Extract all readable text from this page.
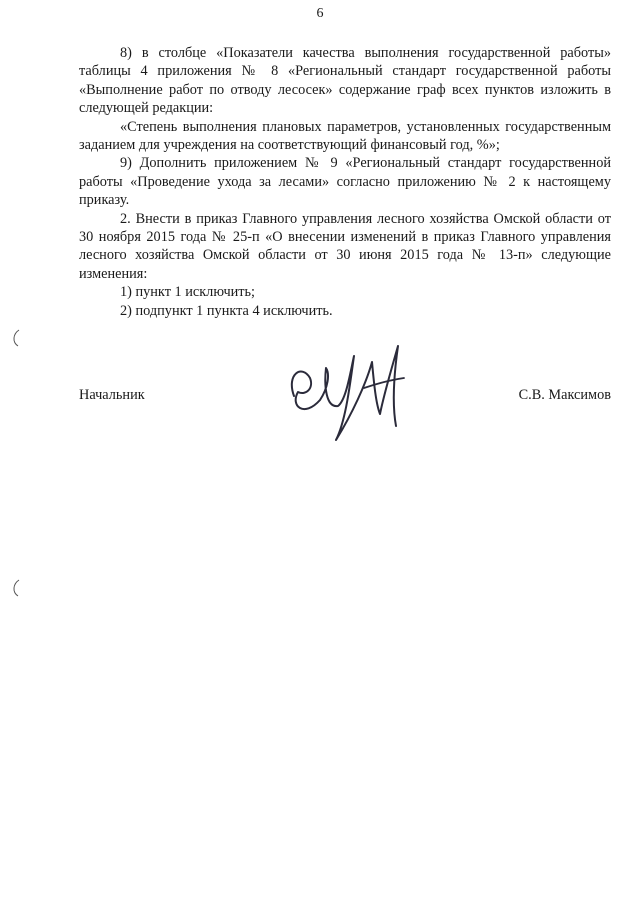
6

8) в столбце «Показатели качества выполнения государственной работы» таблицы 4 приложения № 8 «Региональный стандарт государственной работы «Выполнение работ по отводу лесосек» содержание граф всех пунктов изложить в следующей редакции:

«Степень выполнения плановых параметров, установленных государственным заданием для учреждения на соответствующий финансовый год, %»;

9) Дополнить приложением № 9 «Региональный стандарт государственной работы «Проведение ухода за лесами» согласно приложению № 2 к настоящему приказу.

2. Внести в приказ Главного управления лесного хозяйства Омской области от 30 ноября 2015 года № 25-п «О внесении изменений в приказ Главного управления лесного хозяйства Омской области от 30 июня 2015 года № 13-п» следующие изменения:

1) пункт 1 исключить;

2) подпункт 1 пункта 4 исключить.

Начальник	С.В. Максимов
